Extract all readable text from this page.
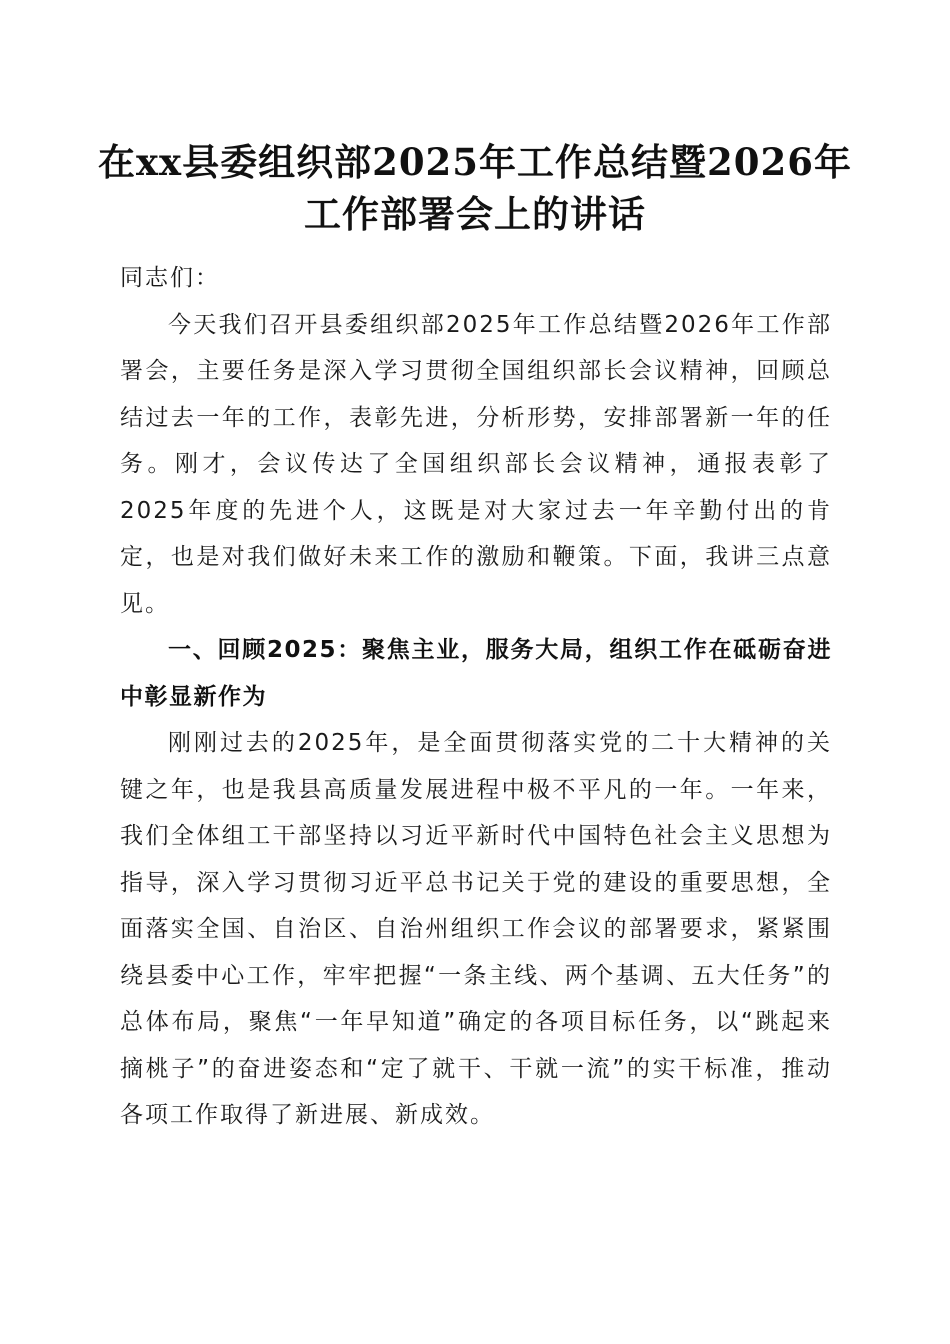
在xx县委组织部2025年工作总结暨2026年
工作部署会上的讲话

同志们：

今天我们召开县委组织部2025年工作总结暨2026年工作部署会，主要任务是深入学习贯彻全国组织部长会议精神，回顾总结过去一年的工作，表彰先进，分析形势，安排部署新一年的任务。刚才，会议传达了全国组织部长会议精神，通报表彰了2025年度的先进个人，这既是对大家过去一年辛勤付出的肯定，也是对我们做好未来工作的激励和鞭策。下面，我讲三点意见。

一、回顾2025：聚焦主业，服务大局，组织工作在砥砺奋进中彰显新作为

刚刚过去的2025年，是全面贯彻落实党的二十大精神的关键之年，也是我县高质量发展进程中极不平凡的一年。一年来，我们全体组工干部坚持以习近平新时代中国特色社会主义思想为指导，深入学习贯彻习近平总书记关于党的建设的重要思想，全面落实全国、自治区、自治州组织工作会议的部署要求，紧紧围绕县委中心工作，牢牢把握“一条主线、两个基调、五大任务”的总体布局，聚焦“一年早知道”确定的各项目标任务，以“跳起来摘桃子”的奋进姿态和“定了就干、干就一流”的实干标准，推动各项工作取得了新进展、新成效。
